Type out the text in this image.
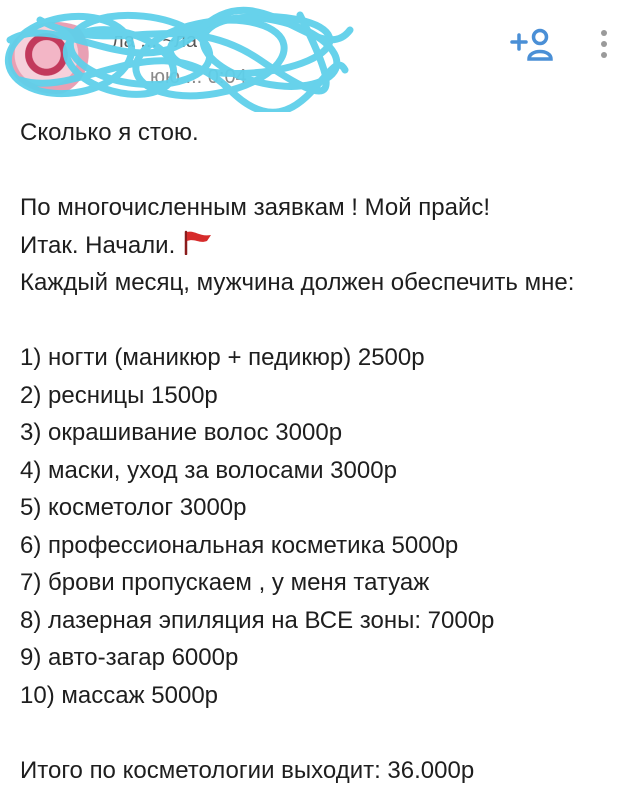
ла ... ~ла
юю ... 0:04

Сколько я стою.

По многочисленным заявкам ! Мой прайс!

Итак. Начали.

Каждый месяц, мужчина должен обеспечить мне:

1) ногти (маникюр + педикюр) 2500р

2) ресницы 1500р

3) окрашивание волос 3000р

4) маски, уход за волосами 3000р

5) косметолог 3000р

6) профессиональная косметика 5000р

7) брови пропускаем , у меня татуаж

8) лазерная эпиляция на ВСЕ зоны: 7000р

9) авто-загар 6000р

10) массаж 5000р

Итого по косметологии выходит: 36.000р
